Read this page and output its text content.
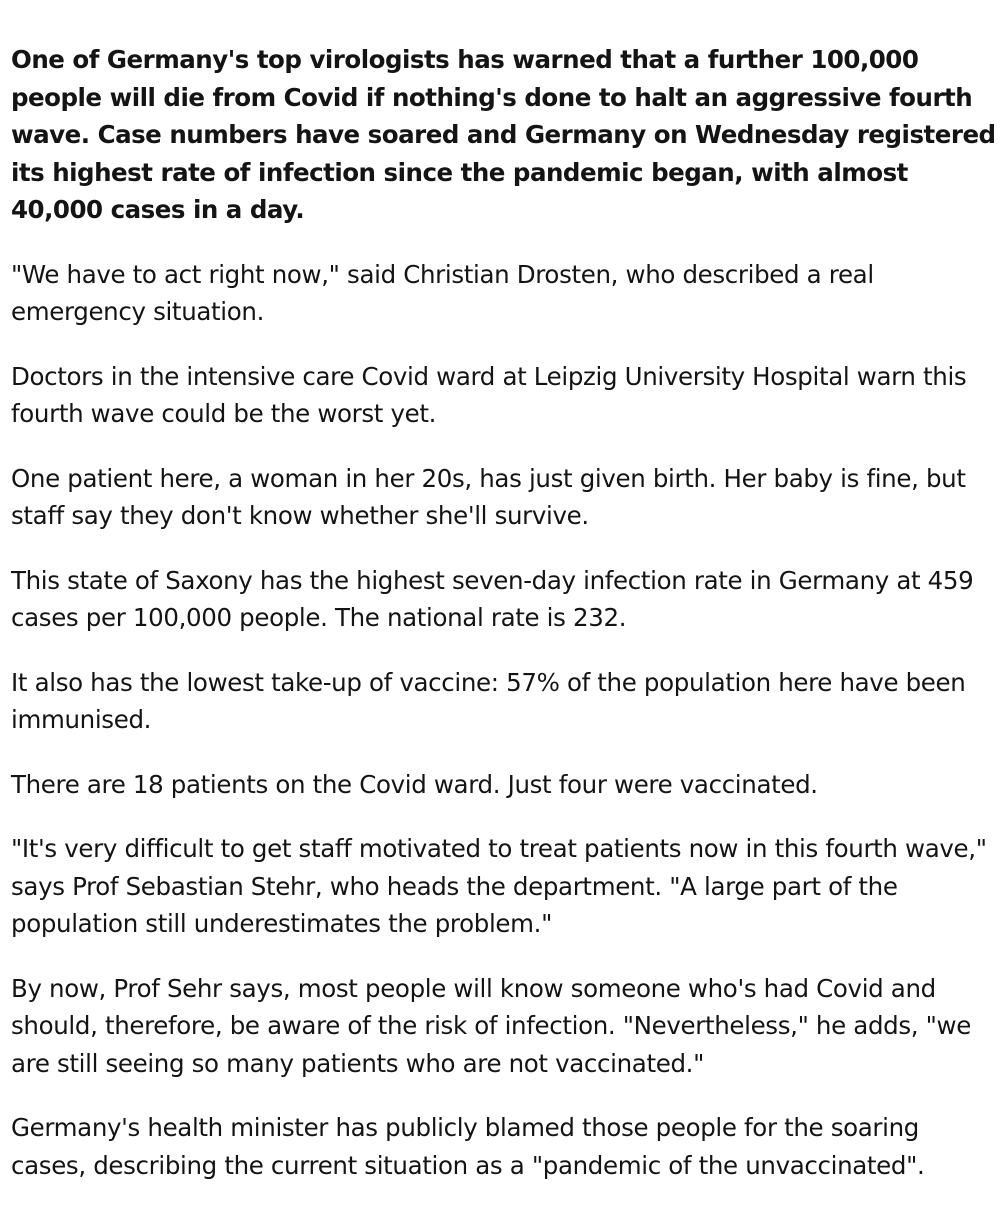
One of Germany's top virologists has warned that a further 100,000 people will die from Covid if nothing's done to halt an aggressive fourth wave. Case numbers have soared and Germany on Wednesday registered its highest rate of infection since the pandemic began, with almost 40,000 cases in a day.

"We have to act right now," said Christian Drosten, who described a real emergency situation.

Doctors in the intensive care Covid ward at Leipzig University Hospital warn this fourth wave could be the worst yet.

One patient here, a woman in her 20s, has just given birth. Her baby is fine, but staff say they don't know whether she'll survive.

This state of Saxony has the highest seven-day infection rate in Germany at 459 cases per 100,000 people. The national rate is 232.

It also has the lowest take-up of vaccine: 57% of the population here have been immunised.

There are 18 patients on the Covid ward. Just four were vaccinated.

"It's very difficult to get staff motivated to treat patients now in this fourth wave," says Prof Sebastian Stehr, who heads the department. "A large part of the population still underestimates the problem."

By now, Prof Sehr says, most people will know someone who's had Covid and should, therefore, be aware of the risk of infection. "Nevertheless," he adds, "we are still seeing so many patients who are not vaccinated."

Germany's health minister has publicly blamed those people for the soaring cases, describing the current situation as a "pandemic of the unvaccinated".
